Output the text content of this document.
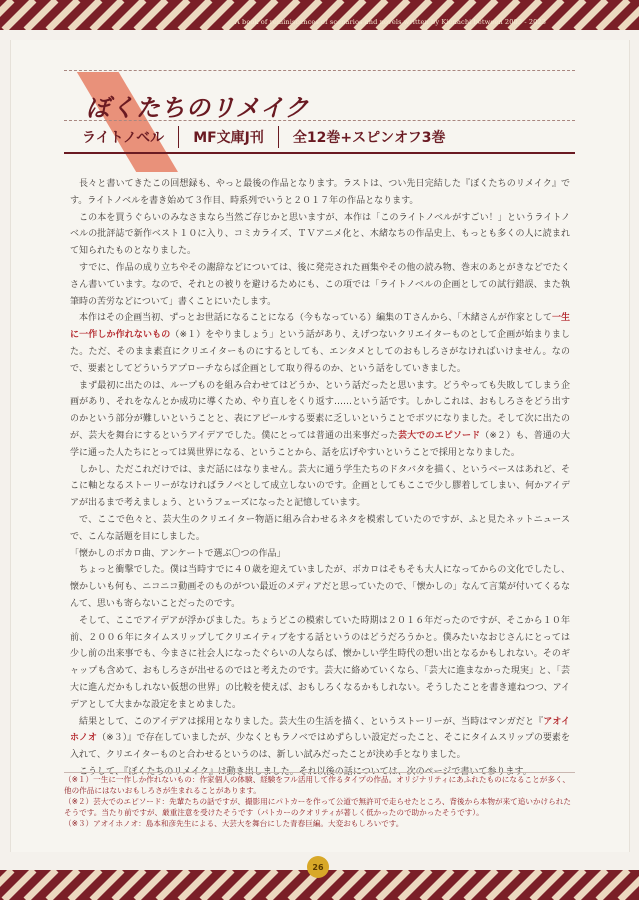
A book of reminiscences of scenarios and novels written by Kionachi between 2003 - 2023
ぼくたちのリメイク
ライトノベル MF文庫J刊 全12巻+スピンオフ3巻

長々と書いてきたこの回想録も、やっと最後の作品となります。ラストは、つい先日完結した『ぼくたちのリメイク』です。ライトノベルを書き始めて３作目、時系列でいうと２０１７年の作品となります。

この本を買うぐらいのみなさまなら当然ご存じかと思いますが、本作は「このライトノベルがすごい！」というライトノベルの批評誌で新作ベスト１０に入り、コミカライズ、ＴＶアニメ化と、木緒なちの作品史上、もっとも多くの人に読まれて知られたものとなりました。

すでに、作品の成り立ちやその謝辞などについては、後に発売された画集やその他の読み物、巻末のあとがきなどでたくさん書いています。なので、それとの被りを避けるためにも、この項では「ライトノベルの企画としての試行錯誤、また執筆時の苦労などについて」書くことにいたします。

本作はその企画当初、ずっとお世話になることになる（今もなっている）編集のＴさんから、「木緒さんが作家として一生に一作しか作れないもの（※１）をやりましょう」という話があり、えげつないクリエイターものとして企画が始まりました。ただ、そのまま素直にクリエイターものにするとしても、エンタメとしてのおもしろさがなければいけません。なので、要素としてどういうアプローチならば企画として取り得るのか、という話をしていきました。

まず最初に出たのは、ループものを組み合わせてはどうか、という話だったと思います。どうやっても失敗してしまう企画があり、それをなんとか成功に導くため、やり直しをくり返す……という話です。しかしこれは、おもしろさをどう出すのかという部分が難しいということと、表にアピールする要素に乏しいということでボツになりました。そして次に出たのが、芸大を舞台にするというアイデアでした。僕にとっては普通の出来事だった芸大でのエピソード（※２）も、普通の大学に通った人たちにとっては異世界になる、ということから、話を広げやすいということで採用となりました。

しかし、ただこれだけでは、まだ話にはなりません。芸大に通う学生たちのドタバタを描く、というベースはあれど、そこに軸となるストーリーがなければラノベとして成立しないのです。企画としてもここで少し膠着してしまい、何かアイデアが出るまで考えましょう、というフェーズになったと記憶しています。

で、ここで色々と、芸大生のクリエイター物語に組み合わせるネタを模索していたのですが、ふと見たネットニュースで、こんな話題を目にしました。

「懐かしのボカロ曲、アンケートで選ぶ〇つの作品」

ちょっと衝撃でした。僕は当時すでに４０歳を迎えていましたが、ボカロはそもそも大人になってからの文化でしたし、懐かしいも何も、ニコニコ動画そのものがつい最近のメディアだと思っていたので、「懐かしの」なんて言葉が付いてくるなんて、思いも寄らないことだったのです。

そして、ここでアイデアが浮かびました。ちょうどこの模索していた時期は２０１６年だったのですが、そこから１０年前、２００６年にタイムスリップしてクリエイティブをする話というのはどうだろうかと。僕みたいなおじさんにとっては少し前の出来事でも、今まさに社会人になったぐらいの人ならば、懐かしい学生時代の想い出となるかもしれない。そのギャップも含めて、おもしろさが出せるのではと考えたのです。芸大に絡めていくなら、「芸大に進まなかった現実」と、「芸大に進んだかもしれない仮想の世界」の比較を使えば、おもしろくなるかもしれない。そうしたことを書き連ねつつ、アイデアとして大まかな設定をまとめました。

結果として、このアイデアは採用となりました。芸大生の生活を描く、というストーリーが、当時はマンガだと『アオイホノオ（※３）』で存在していましたが、少なくともラノベではめずらしい設定だったこと、そこにタイムスリップの要素を入れて、クリエイターものと合わせるというのは、新しい試みだったことが決め手となりました。

こうして、『ぼくたちのリメイク』は動き出しました。それ以後の話については、次のページで書いて参ります。

（※１）一生に一作しか作れないもの：作家個人の体験、経験をフル活用して作るタイプの作品。オリジナリティにあふれたものになることが多く、他の作品にはないおもしろさが生まれることがあります。

（※２）芸大でのエピソード：先輩たちの話ですが、撮影用にパトカーを作って公道で無許可で走らせたところ、背後から本物が来て追いかけられたそうです。当たり前ですが、厳重注意を受けたそうです（パトカーのクオリティが著しく低かったので助かったそうです）。

（※３）アオイホノオ：島本和彦先生による、大芸大を舞台にした青春巨編。大変おもしろいです。

26
